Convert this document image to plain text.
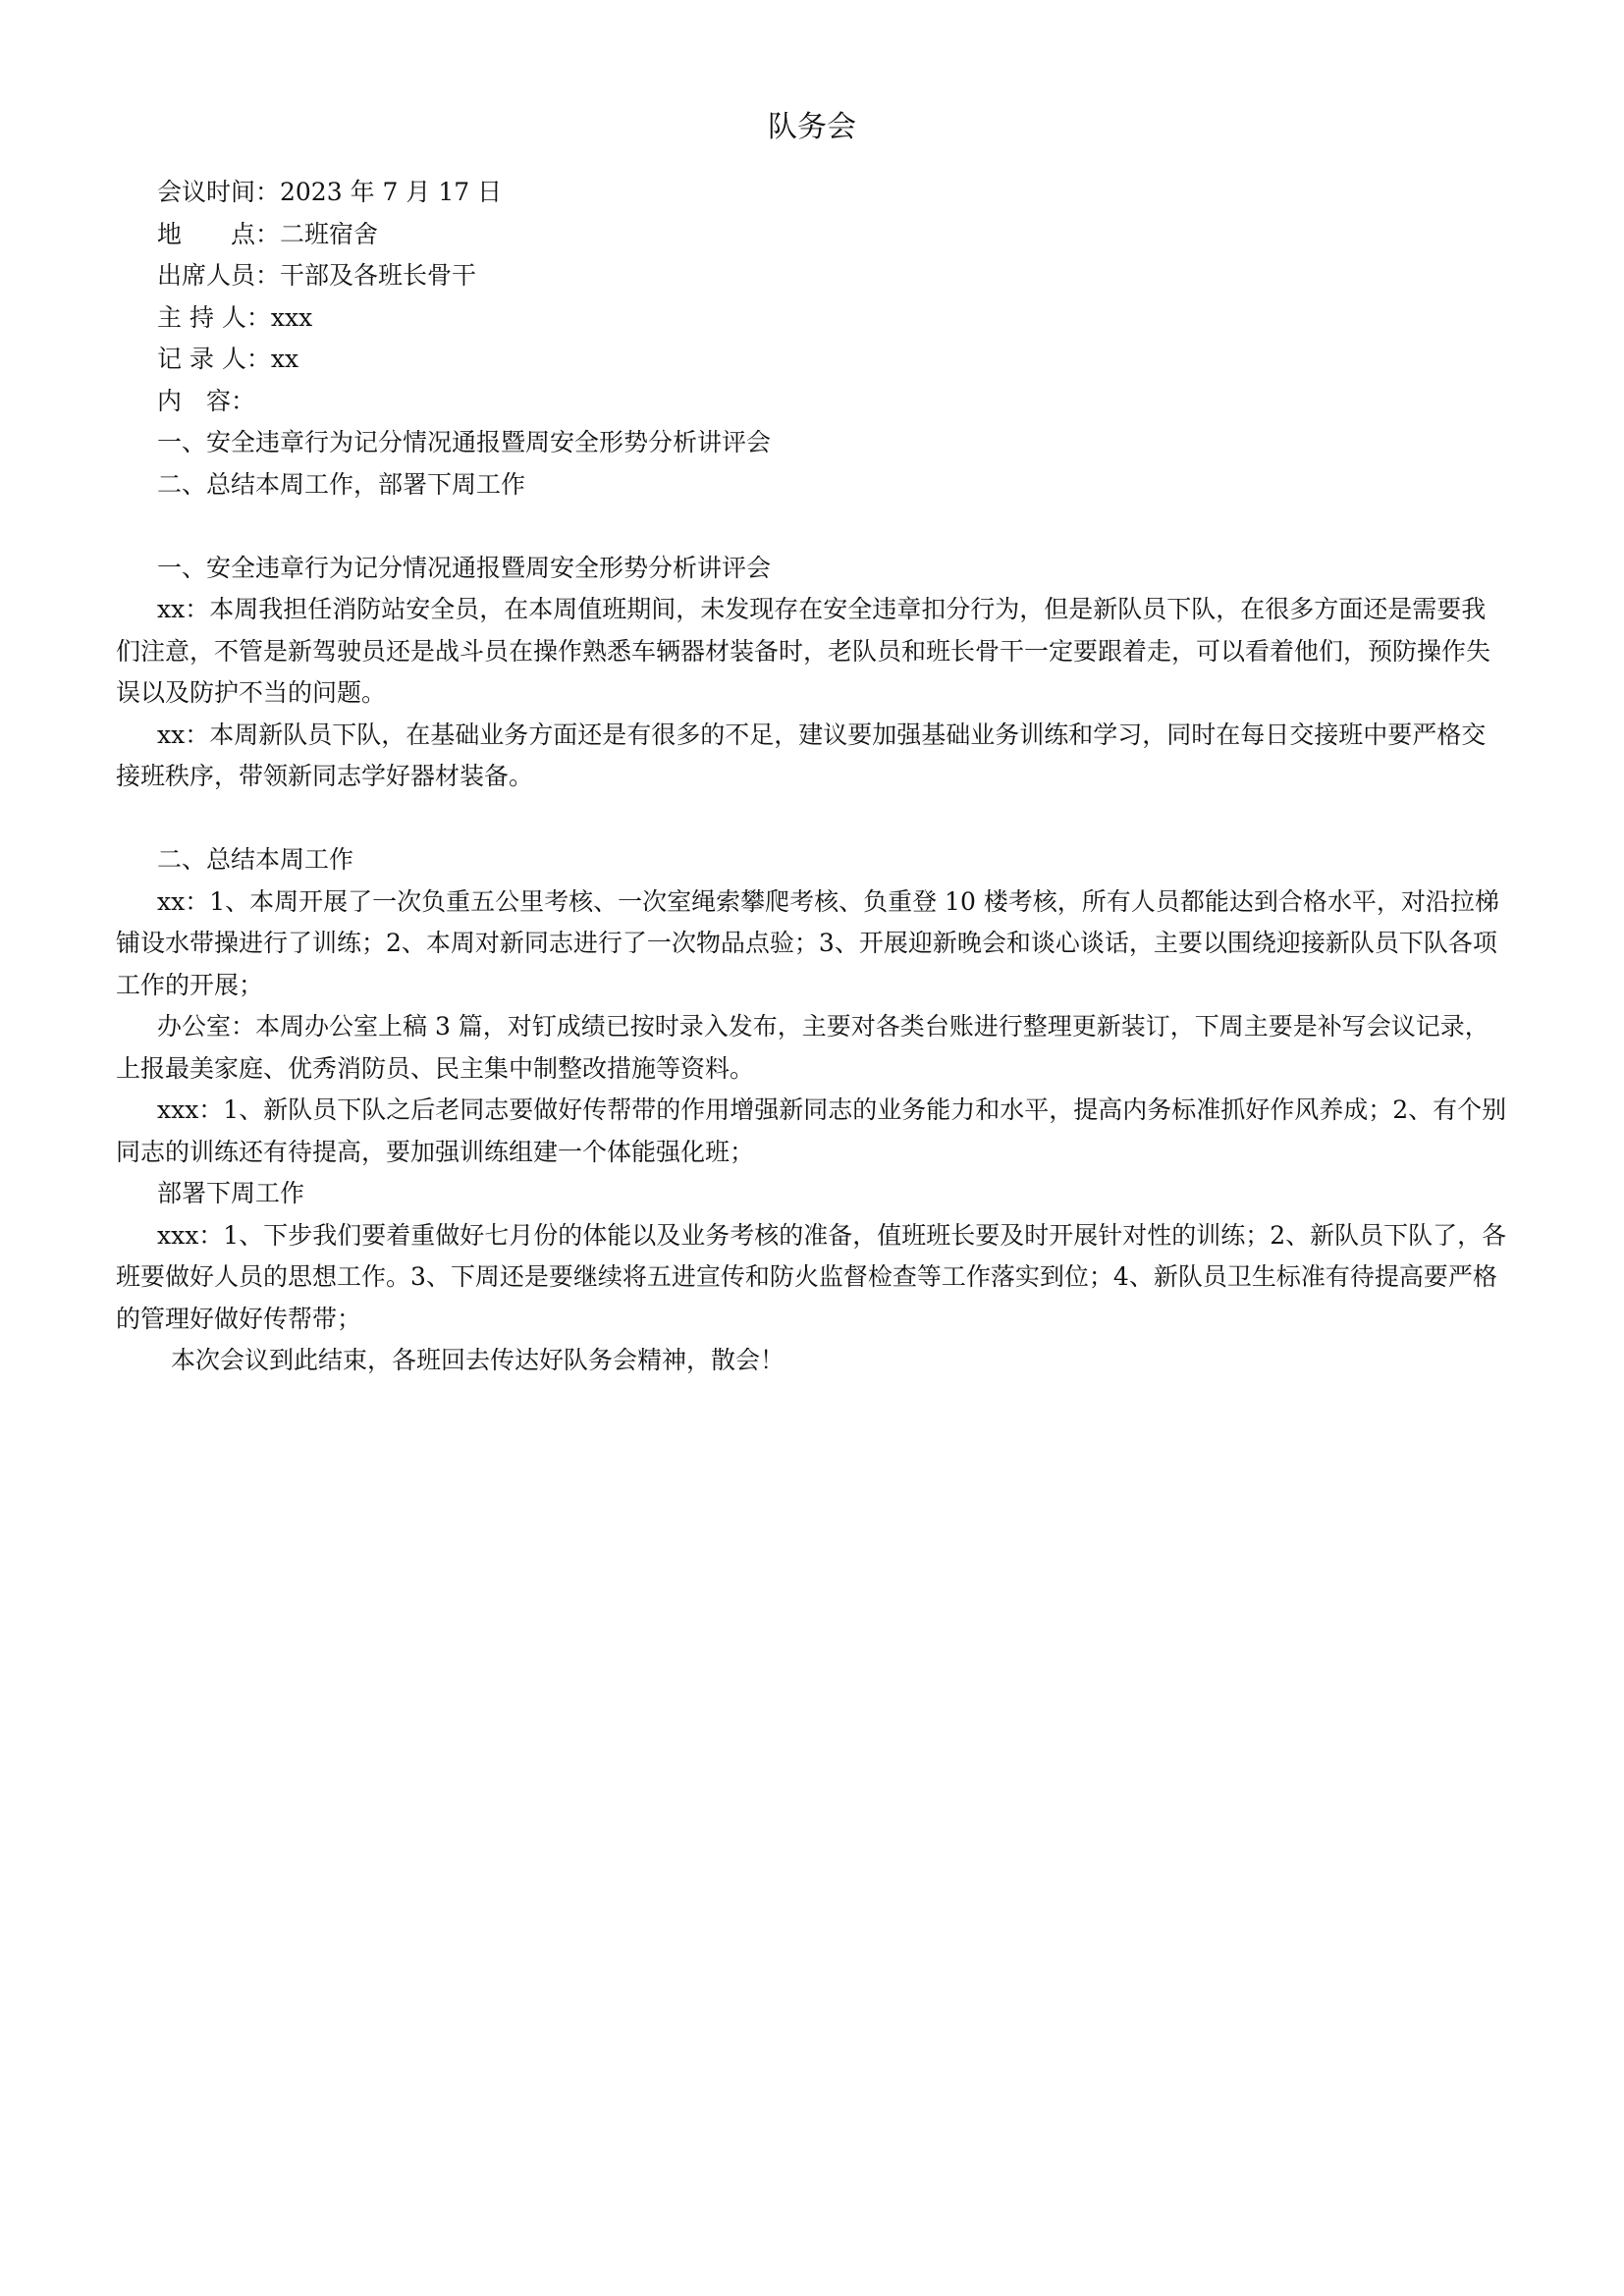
队务会

会议时间：2023 年 7 月 17 日

地　　点：二班宿舍

出席人员：干部及各班长骨干

主 持 人：xxx

记 录 人：xx

内　容：

一、安全违章行为记分情况通报暨周安全形势分析讲评会

二、总结本周工作，部署下周工作

一、安全违章行为记分情况通报暨周安全形势分析讲评会

xx：本周我担任消防站安全员，在本周值班期间，未发现存在安全违章扣分行为，但是新队员下队，在很多方面还是需要我们注意，不管是新驾驶员还是战斗员在操作熟悉车辆器材装备时，老队员和班长骨干一定要跟着走，可以看着他们，预防操作失误以及防护不当的问题。

xx：本周新队员下队，在基础业务方面还是有很多的不足，建议要加强基础业务训练和学习，同时在每日交接班中要严格交接班秩序，带领新同志学好器材装备。

二、总结本周工作

xx：1、本周开展了一次负重五公里考核、一次室绳索攀爬考核、负重登 10 楼考核，所有人员都能达到合格水平，对沿拉梯铺设水带操进行了训练；2、本周对新同志进行了一次物品点验；3、开展迎新晚会和谈心谈话，主要以围绕迎接新队员下队各项工作的开展；

办公室：本周办公室上稿 3 篇，对钉成绩已按时录入发布，主要对各类台账进行整理更新装订，下周主要是补写会议记录，上报最美家庭、优秀消防员、民主集中制整改措施等资料。

xxx：1、新队员下队之后老同志要做好传帮带的作用增强新同志的业务能力和水平，提高内务标准抓好作风养成；2、有个别同志的训练还有待提高，要加强训练组建一个体能强化班；

部署下周工作

xxx：1、下步我们要着重做好七月份的体能以及业务考核的准备，值班班长要及时开展针对性的训练；2、新队员下队了，各班要做好人员的思想工作。3、下周还是要继续将五进宣传和防火监督检查等工作落实到位；4、新队员卫生标准有待提高要严格的管理好做好传帮带；

本次会议到此结束，各班回去传达好队务会精神，散会！
